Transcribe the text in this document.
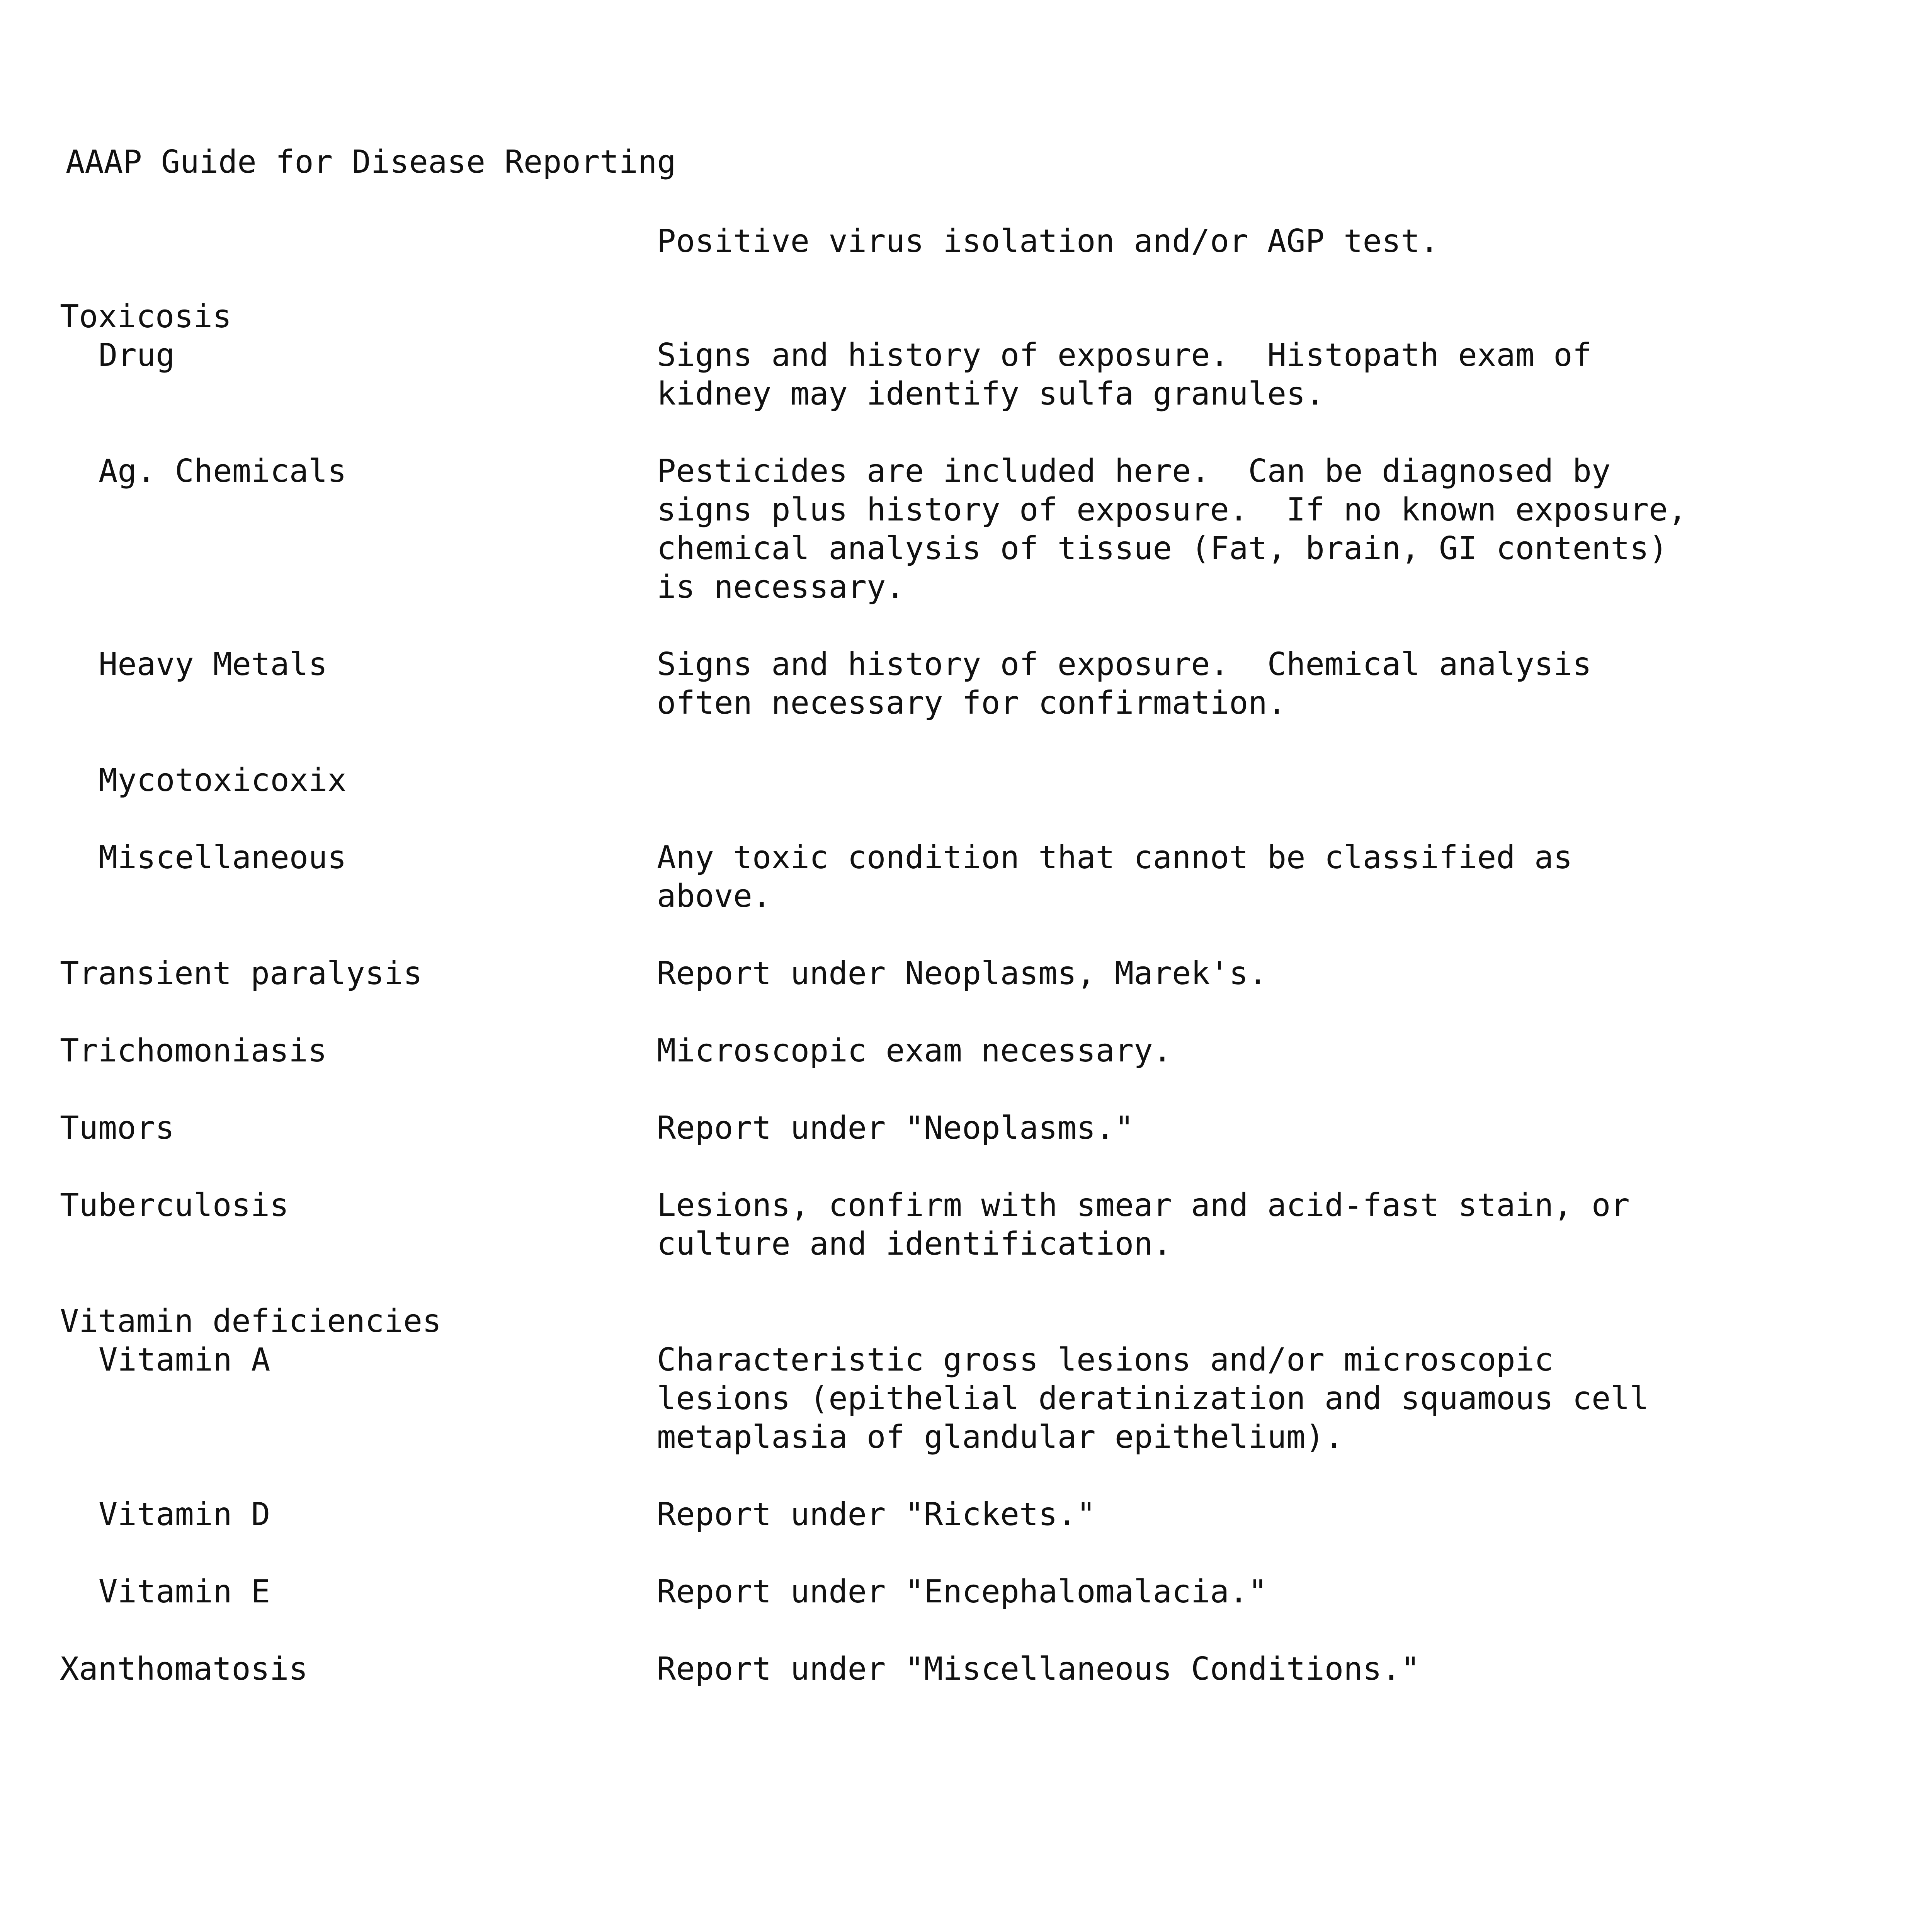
AAAP Guide for Disease Reporting
Positive virus isolation and/or AGP test.
Toxicosis
Drug	Signs and history of exposure.  Histopath exam of
kidney may identify sulfa granules.
Ag. Chemicals	Pesticides are included here.  Can be diagnosed by
signs plus history of exposure.  If no known exposure,
chemical analysis of tissue (Fat, brain, GI contents)
is necessary.
Heavy Metals	Signs and history of exposure.  Chemical analysis
often necessary for confirmation.
Mycotoxicoxix
Miscellaneous	Any toxic condition that cannot be classified as
above.
Transient paralysis	Report under Neoplasms, Marek's.
Trichomoniasis	Microscopic exam necessary.
Tumors	Report under "Neoplasms."
Tuberculosis	Lesions, confirm with smear and acid-fast stain, or
culture and identification.
Vitamin deficiencies
Vitamin A	Characteristic gross lesions and/or microscopic
lesions (epithelial deratinization and squamous cell
metaplasia of glandular epithelium).
Vitamin D	Report under "Rickets."
Vitamin E	Report under "Encephalomalacia."
Xanthomatosis	Report under "Miscellaneous Conditions."
